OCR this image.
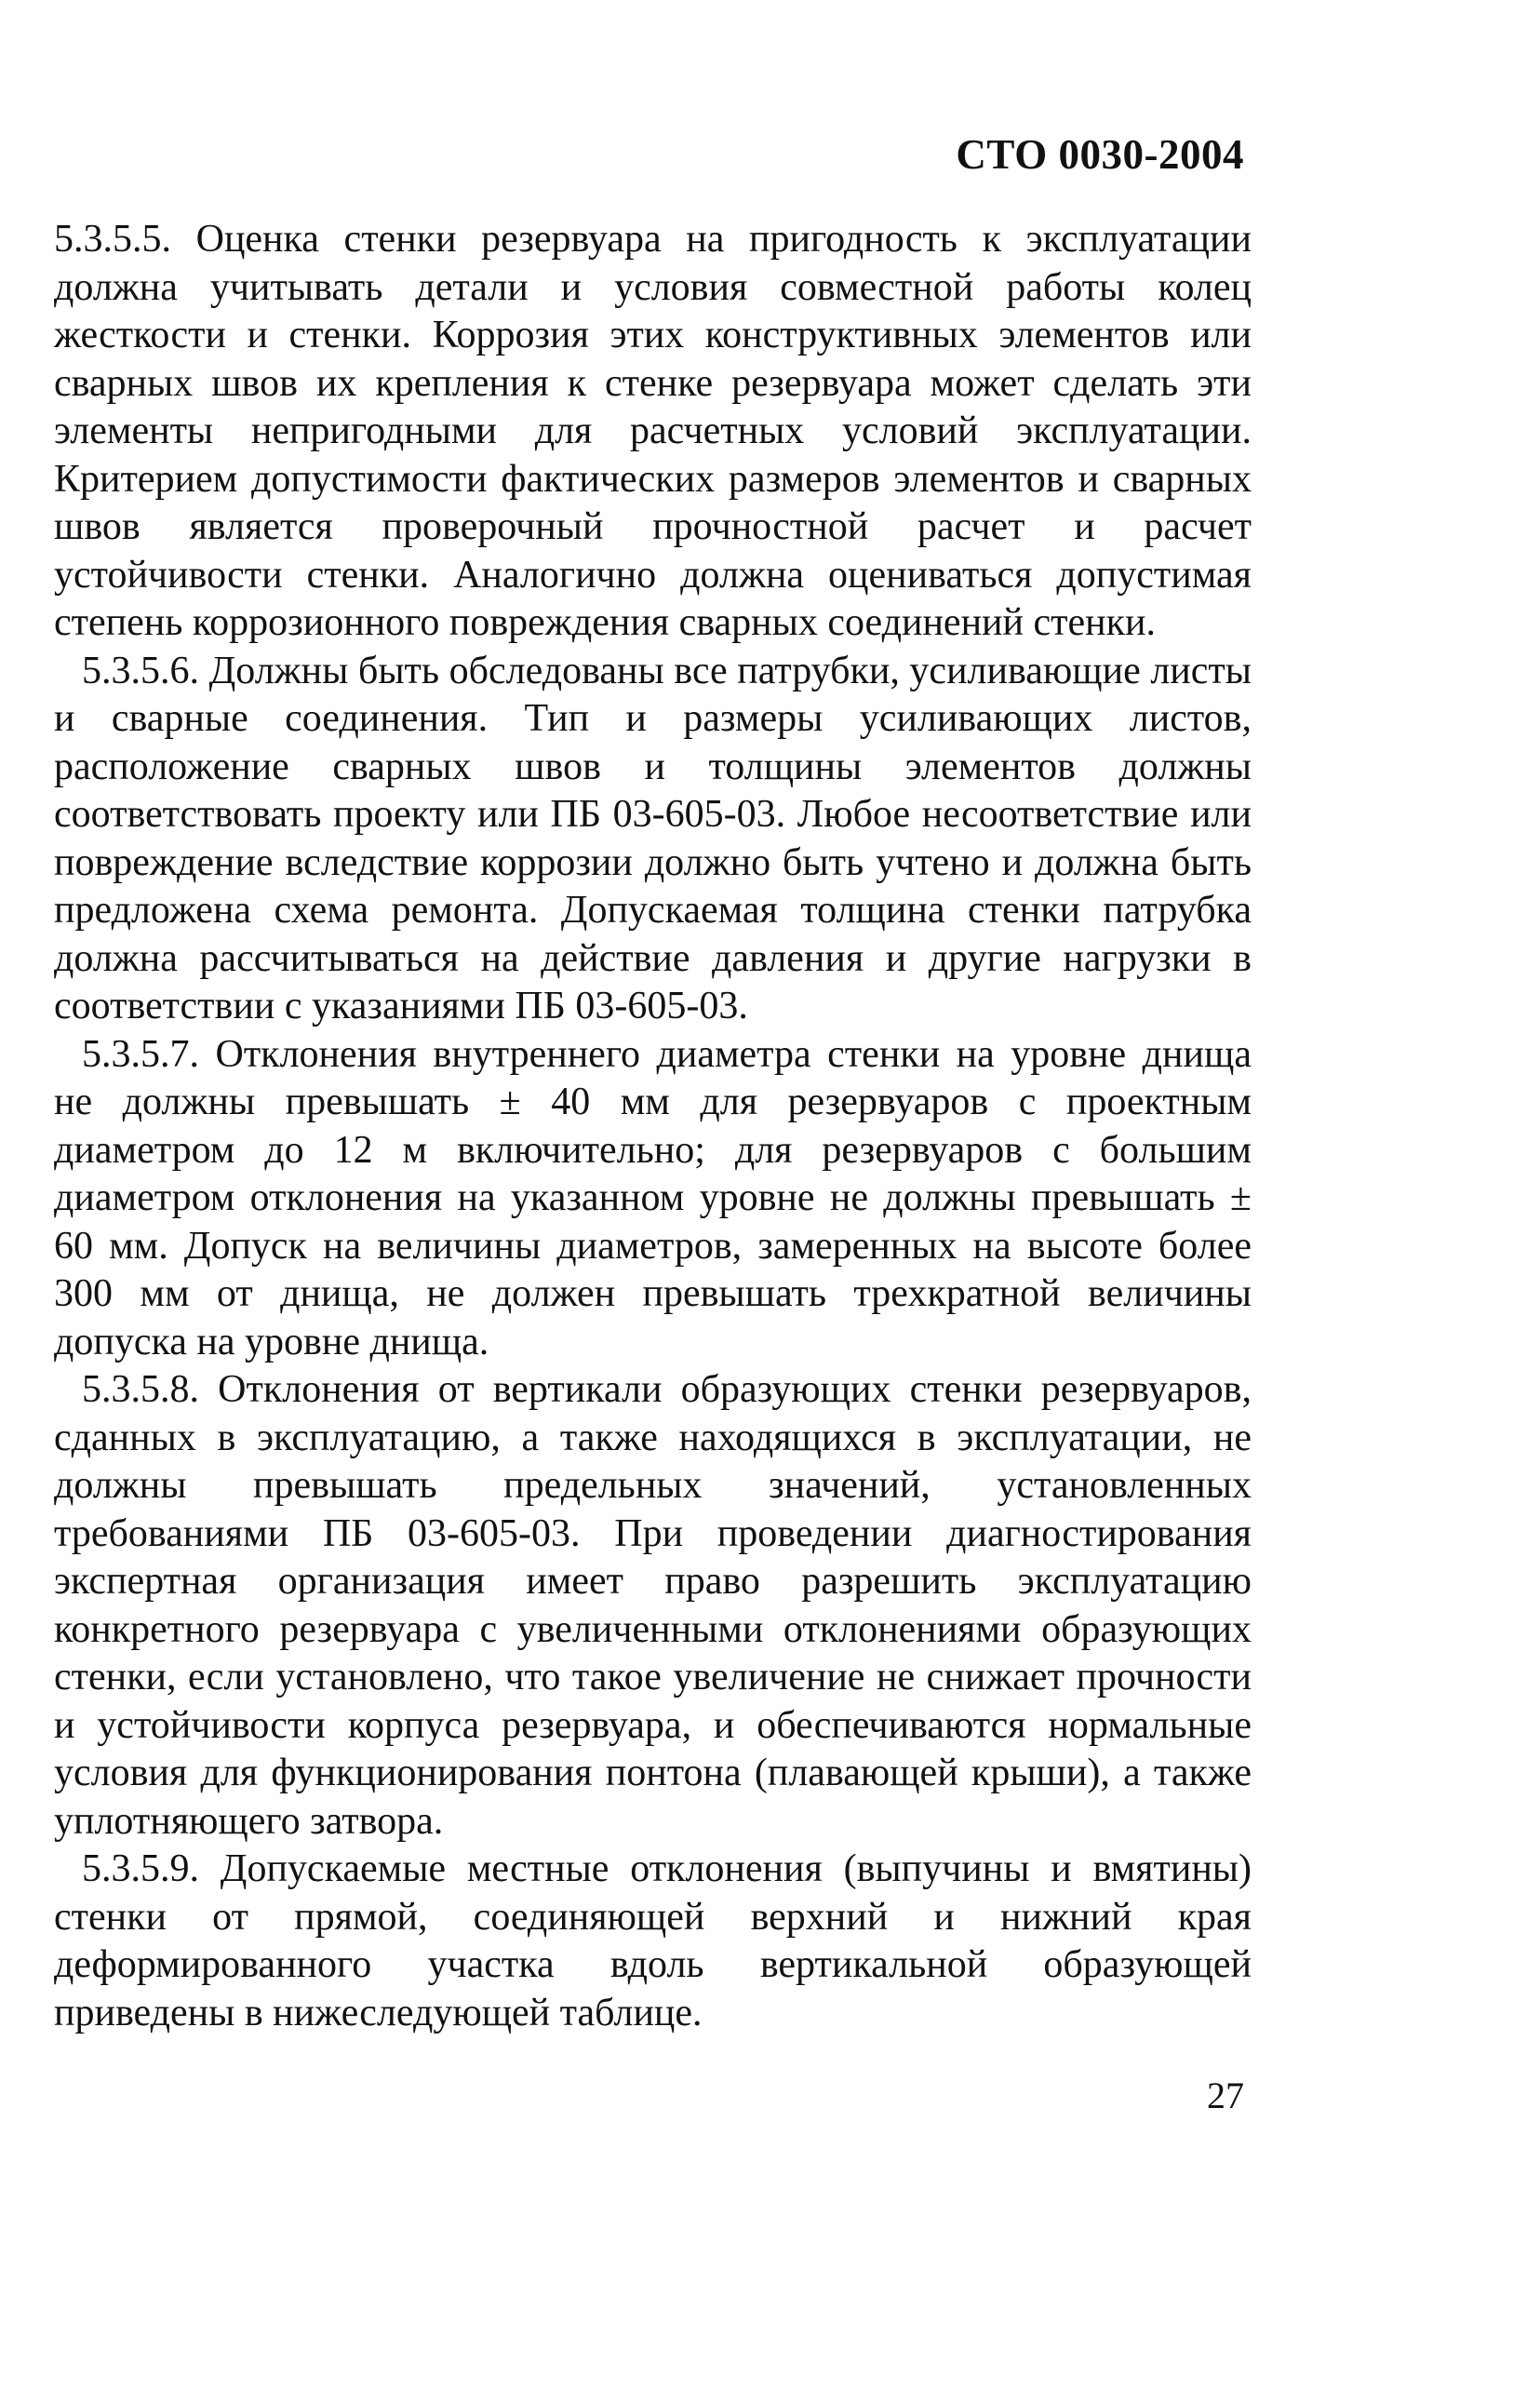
СТО 0030-2004

5.3.5.5. Оценка стенки резервуара на пригодность к эксплуатации должна учитывать детали и условия совместной работы колец жесткости и стенки. Коррозия этих конструктивных элементов или сварных швов их крепления к стенке резервуара может сделать эти элементы непригодными для расчетных условий эксплуатации. Критерием допустимости фактических размеров элементов и сварных швов является проверочный прочностной расчет и расчет устойчивости стенки. Аналогично должна оцениваться допустимая степень коррозионного повреждения сварных соединений стенки.

5.3.5.6. Должны быть обследованы все патрубки, усиливающие листы и сварные соединения. Тип и размеры усиливающих листов, расположение сварных швов и толщины элементов должны соответствовать проекту или ПБ 03-605-03. Любое несоответствие или повреждение вследствие коррозии должно быть учтено и должна быть предложена схема ремонта. Допускаемая толщина стенки патрубка должна рассчитываться на действие давления и другие нагрузки в соответствии с указаниями ПБ 03-605-03.

5.3.5.7. Отклонения внутреннего диаметра стенки на уровне днища не должны превышать ± 40 мм для резервуаров с проектным диаметром до 12 м включительно; для резервуаров с большим диаметром отклонения на указанном уровне не должны превышать ± 60 мм. Допуск на величины диаметров, замеренных на высоте более 300 мм от днища, не должен превышать трехкратной величины допуска на уровне днища.

5.3.5.8. Отклонения от вертикали образующих стенки резервуаров, сданных в эксплуатацию, а также находящихся в эксплуатации, не должны превышать предельных значений, установленных требованиями ПБ 03-605-03. При проведении диагностирования экспертная организация имеет право разрешить эксплуатацию конкретного резервуара с увеличенными отклонениями образующих стенки, если установлено, что такое увеличение не снижает прочности и устойчивости корпуса резервуара, и обеспечиваются нормальные условия для функционирования понтона (плавающей крыши), а также уплотняющего затвора.

5.3.5.9. Допускаемые местные отклонения (выпучины и вмятины) стенки от прямой, соединяющей верхний и нижний края деформированного участка вдоль вертикальной образующей приведены в нижеследующей таблице.

27
